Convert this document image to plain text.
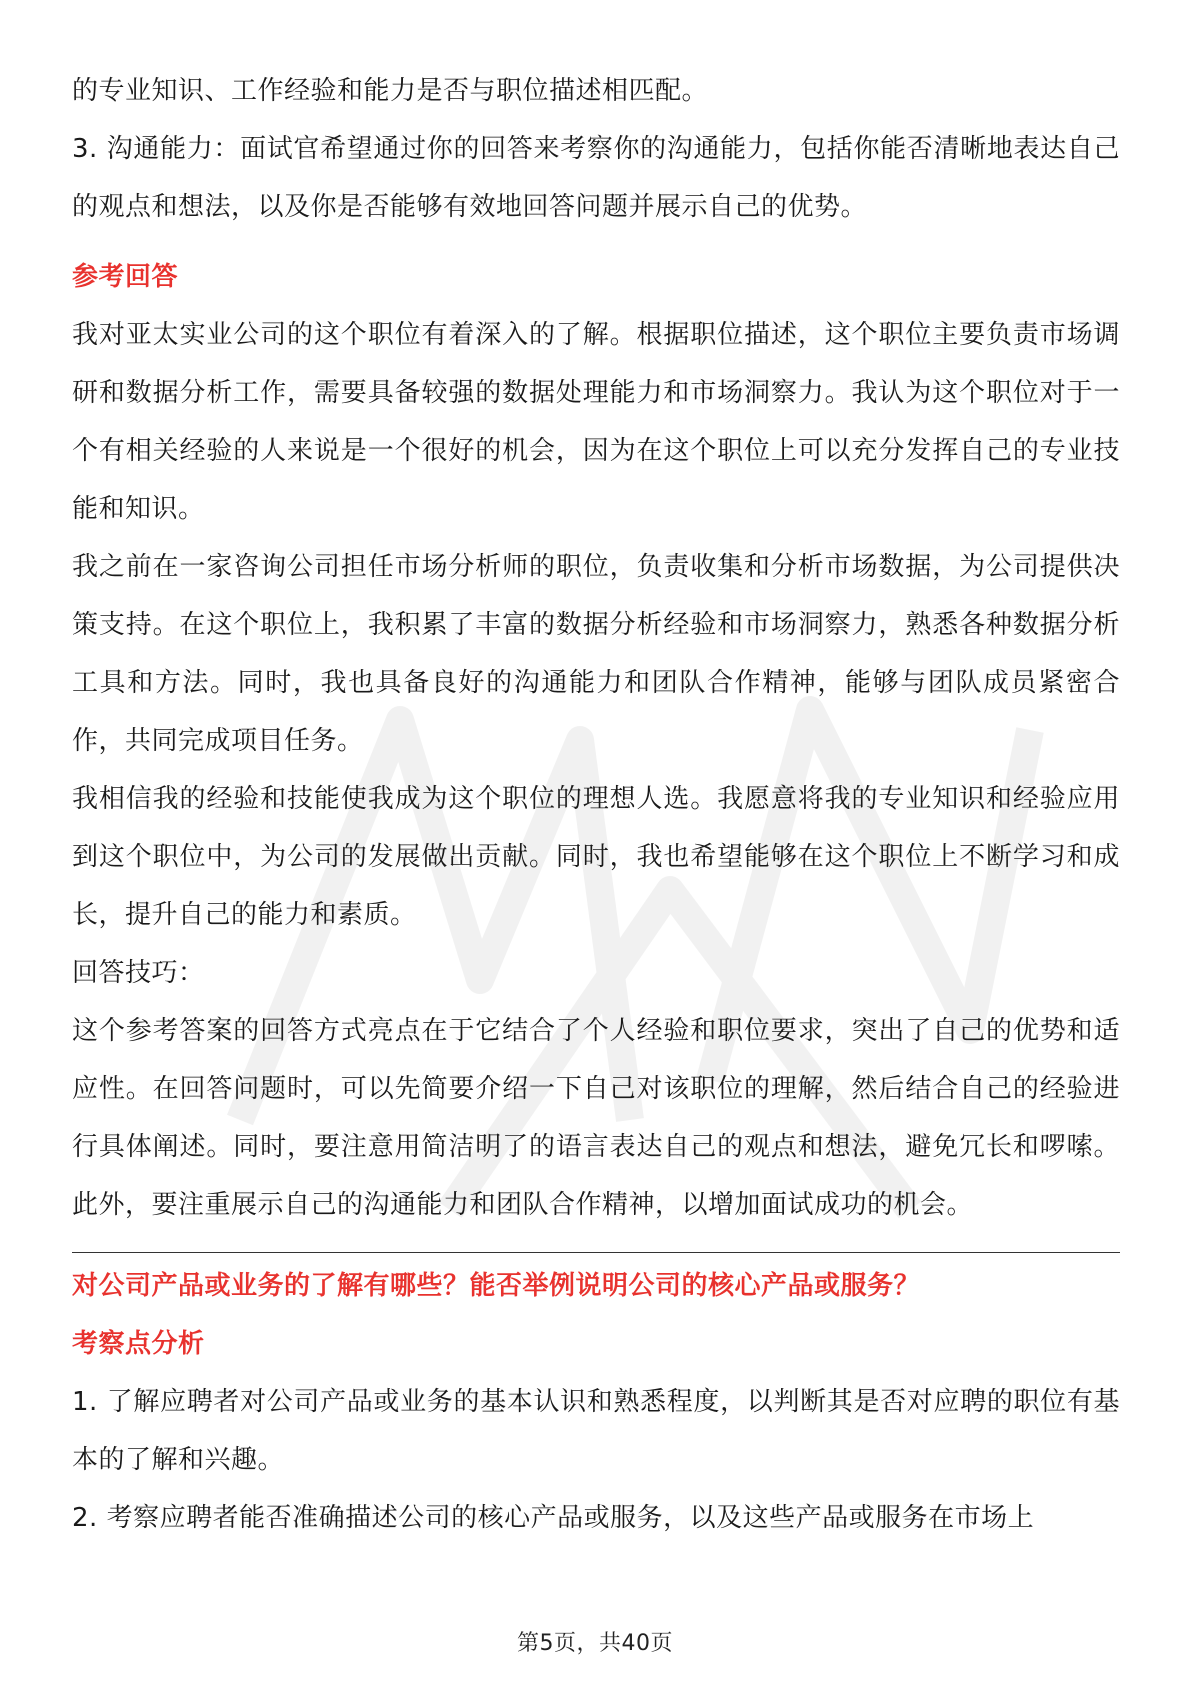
的专业知识、工作经验和能力是否与职位描述相匹配。

3. 沟通能力：面试官希望通过你的回答来考察你的沟通能力，包括你能否清晰地表达自己的观点和想法，以及你是否能够有效地回答问题并展示自己的优势。

参考回答

我对亚太实业公司的这个职位有着深入的了解。根据职位描述，这个职位主要负责市场调研和数据分析工作，需要具备较强的数据处理能力和市场洞察力。我认为这个职位对于一个有相关经验的人来说是一个很好的机会，因为在这个职位上可以充分发挥自己的专业技能和知识。

我之前在一家咨询公司担任市场分析师的职位，负责收集和分析市场数据，为公司提供决策支持。在这个职位上，我积累了丰富的数据分析经验和市场洞察力，熟悉各种数据分析工具和方法。同时，我也具备良好的沟通能力和团队合作精神，能够与团队成员紧密合作，共同完成项目任务。

我相信我的经验和技能使我成为这个职位的理想人选。我愿意将我的专业知识和经验应用到这个职位中，为公司的发展做出贡献。同时，我也希望能够在这个职位上不断学习和成长，提升自己的能力和素质。

回答技巧：

这个参考答案的回答方式亮点在于它结合了个人经验和职位要求，突出了自己的优势和适应性。在回答问题时，可以先简要介绍一下自己对该职位的理解，然后结合自己的经验进行具体阐述。同时，要注意用简洁明了的语言表达自己的观点和想法，避免冗长和啰嗦。此外，要注重展示自己的沟通能力和团队合作精神，以增加面试成功的机会。

对公司产品或业务的了解有哪些？能否举例说明公司的核心产品或服务？

考察点分析

1. 了解应聘者对公司产品或业务的基本认识和熟悉程度，以判断其是否对应聘的职位有基本的了解和兴趣。

2. 考察应聘者能否准确描述公司的核心产品或服务，以及这些产品或服务在市场上

第5页，共40页
